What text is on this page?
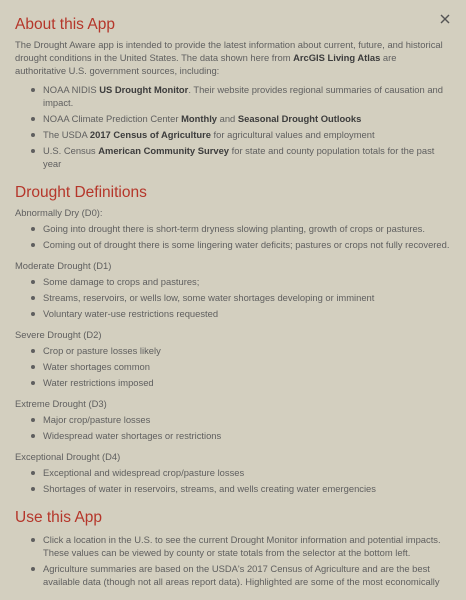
About this App

The Drought Aware app is intended to provide the latest information about current, future, and historical drought conditions in the United States. The data shown here from ArcGIS Living Atlas are authoritative U.S. government sources, including:

NOAA NIDIS US Drought Monitor. Their website provides regional summaries of causation and impact.
NOAA Climate Prediction Center Monthly and Seasonal Drought Outlooks
The USDA 2017 Census of Agriculture for agricultural values and employment
U.S. Census American Community Survey for state and county population totals for the past year
Drought Definitions
Abnormally Dry (D0):
Going into drought there is short-term dryness slowing planting, growth of crops or pastures.
Coming out of drought there is some lingering water deficits; pastures or crops not fully recovered.
Moderate Drought (D1)
Some damage to crops and pastures;
Streams, reservoirs, or wells low, some water shortages developing or imminent
Voluntary water-use restrictions requested
Severe Drought (D2)
Crop or pasture losses likely
Water shortages common
Water restrictions imposed
Extreme Drought (D3)
Major crop/pasture losses
Widespread water shortages or restrictions
Exceptional Drought (D4)
Exceptional and widespread crop/pasture losses
Shortages of water in reservoirs, streams, and wells creating water emergencies
Use this App
Click a location in the U.S. to see the current Drought Monitor information and potential impacts. These values can be viewed by county or state totals from the selector at the bottom left.
Agriculture summaries are based on the USDA's 2017 Census of Agriculture and are the best available data (though not all areas report data). Highlighted are some of the most economically
